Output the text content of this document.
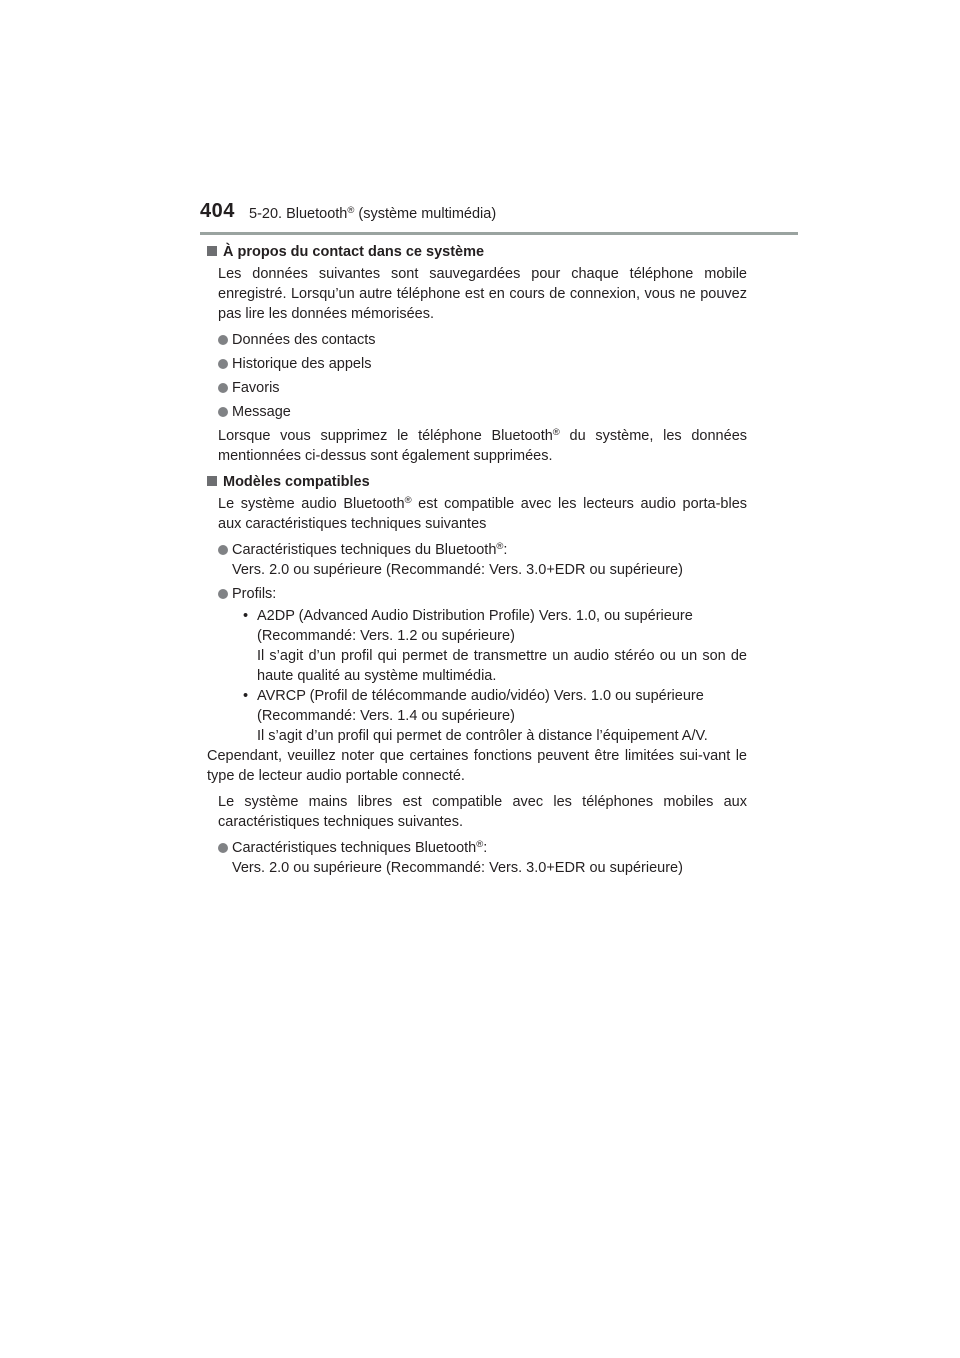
404 5-20. Bluetooth® (système multimédia)
À propos du contact dans ce système
Les données suivantes sont sauvegardées pour chaque téléphone mobile enregistré. Lorsqu’un autre téléphone est en cours de connexion, vous ne pouvez pas lire les données mémorisées.
Données des contacts
Historique des appels
Favoris
Message
Lorsque vous supprimez le téléphone Bluetooth® du système, les données mentionnées ci-dessus sont également supprimées.
Modèles compatibles
Le système audio Bluetooth® est compatible avec les lecteurs audio porta-bles aux caractéristiques techniques suivantes
Caractéristiques techniques du Bluetooth®:
Vers. 2.0 ou supérieure (Recommandé: Vers. 3.0+EDR ou supérieure)
Profils:
• A2DP (Advanced Audio Distribution Profile) Vers. 1.0, ou supérieure
(Recommandé: Vers. 1.2 ou supérieure)
Il s’agit d’un profil qui permet de transmettre un audio stéréo ou un son de haute qualité au système multimédia.
• AVRCP (Profil de télécommande audio/vidéo) Vers. 1.0 ou supérieure
(Recommandé: Vers. 1.4 ou supérieure)
Il s’agit d’un profil qui permet de contrôler à distance l’équipement A/V.
Cependant, veuillez noter que certaines fonctions peuvent être limitées sui-vant le type de lecteur audio portable connecté.
Le système mains libres est compatible avec les téléphones mobiles aux caractéristiques techniques suivantes.
Caractéristiques techniques Bluetooth®:
Vers. 2.0 ou supérieure (Recommandé: Vers. 3.0+EDR ou supérieure)
